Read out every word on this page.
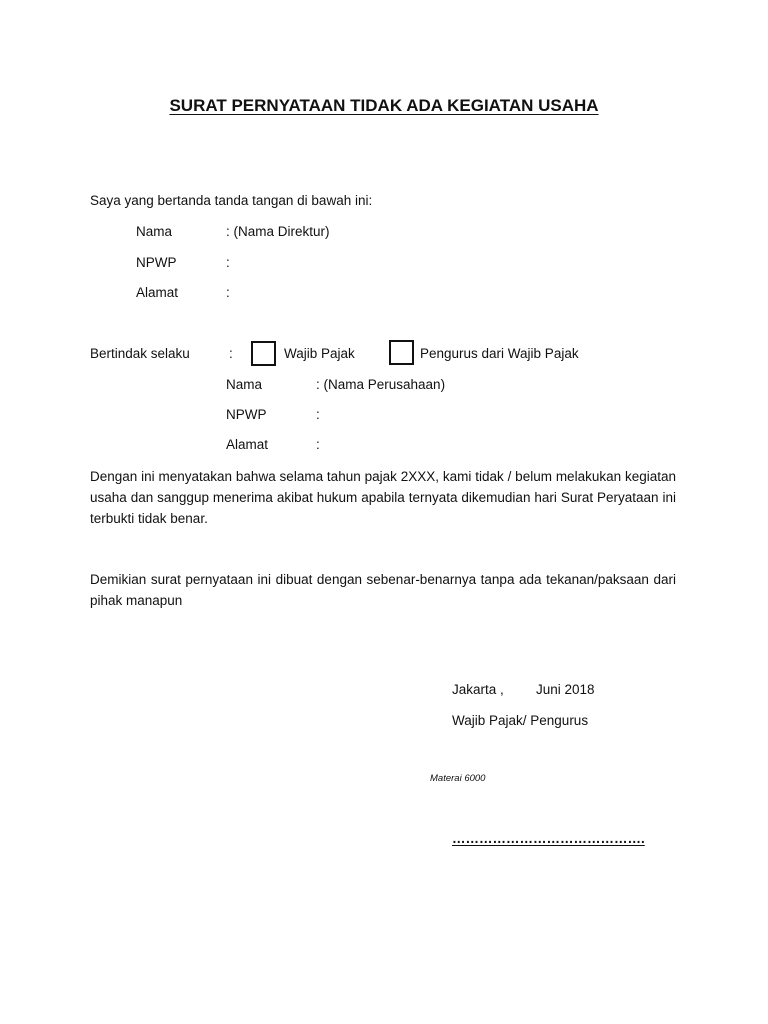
SURAT PERNYATAAN TIDAK ADA KEGIATAN USAHA
Saya yang bertanda tanda tangan di bawah ini:
Nama	: (Nama Direktur)
NPWP	:
Alamat	:
Bertindak selaku	:	Wajib Pajak	Pengurus dari Wajib Pajak
Nama	: (Nama Perusahaan)
NPWP	:
Alamat	:
Dengan ini menyatakan bahwa selama tahun pajak 2XXX, kami tidak / belum melakukan kegiatan usaha dan sanggup menerima akibat hukum apabila ternyata dikemudian hari Surat Peryataan ini terbukti tidak benar.
Demikian surat pernyataan ini dibuat dengan sebenar-benarnya tanpa ada tekanan/paksaan dari pihak manapun
Jakarta , Juni 2018
Wajib Pajak/ Pengurus
Materai 6000
…………………………………….
